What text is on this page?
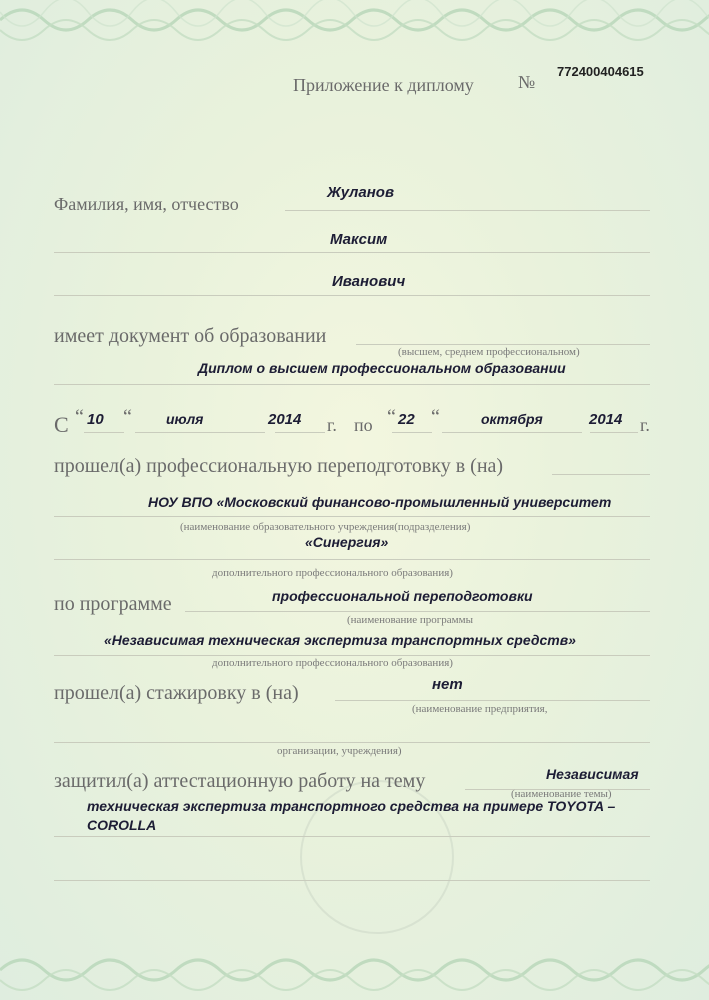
Приложение к диплому №
772400404615
Фамилия, имя, отчество
Жуланов
Максим
Иванович
имеет документ об образовании
(высшем, среднем профессиональном)
Диплом о высшем профессиональном образовании
С “ 10 “ июля	2014 г. по “ 22 “	октября	2014 г.
прошел(а) профессиональную переподготовку в (на)
НОУ ВПО «Московский финансово-промышленный университет
(наименование образовательного учреждения(подразделения)
«Синергия»
дополнительного профессионального образования)
по программе	профессиональной переподготовки
(наименование программы
«Независимая техническая экспертиза транспортных средств»
дополнительного профессионального образования)
прошел(а) стажировку в (на)	нет
(наименование предприятия,
организации, учреждения)
защитил(а) аттестационную работу на тему	Независимая
(наименование темы)
техническая экспертиза транспортного средства на примере TOYOTA –
COROLLA
